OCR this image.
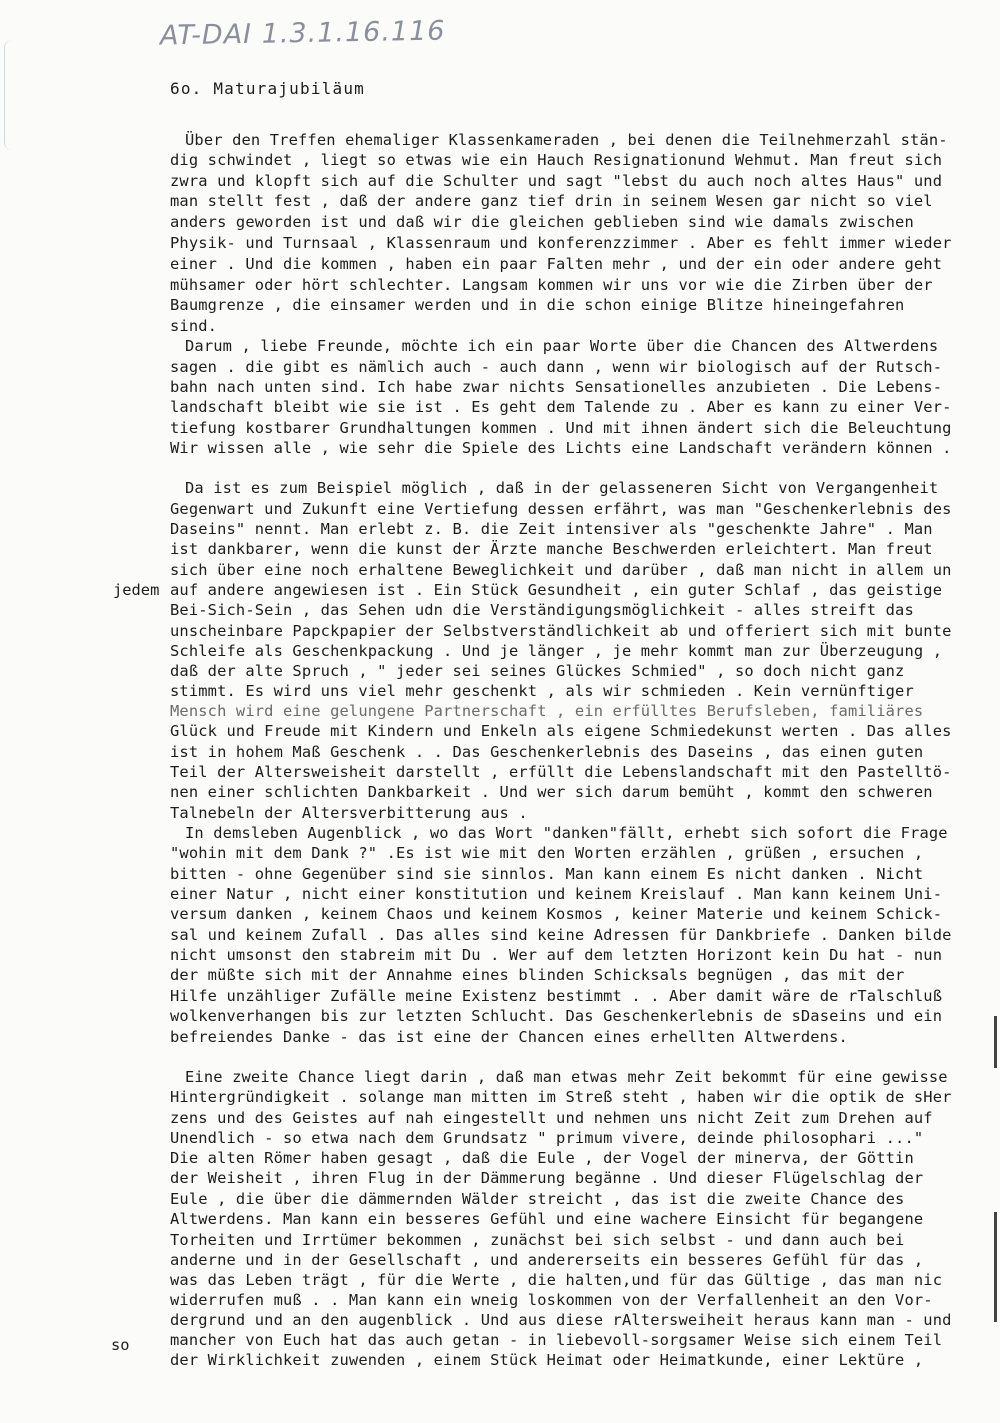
AT-DAI 1.3.1.16.116
6o. Maturajubiläum
jedem
so
Über den Treffen ehemaliger Klassenkameraden , bei denen die Teilnehmerzahl stän-
dig schwindet , liegt so etwas wie ein Hauch Resignationund Wehmut. Man freut sich
zwra und klopft sich auf die Schulter und sagt "lebst du auch noch altes Haus" und
man stellt fest , daß der andere ganz tief drin in seinem Wesen gar nicht so viel
anders geworden ist und daß wir die gleichen geblieben sind wie damals zwischen
Physik- und Turnsaal , Klassenraum und konferenzzimmer . Aber es fehlt immer wieder
einer . Und die kommen , haben ein paar Falten mehr , und der ein oder andere geht
mühsamer oder hört schlechter. Langsam kommen wir uns vor wie die Zirben über der
Baumgrenze , die einsamer werden und in die schon einige Blitze hineingefahren
sind.
Darum , liebe Freunde, möchte ich ein paar Worte über die Chancen des Altwerdens
sagen . die gibt es nämlich auch - auch dann , wenn wir biologisch auf der Rutsch-
bahn nach unten sind. Ich habe zwar nichts Sensationelles anzubieten . Die Lebens-
landschaft bleibt wie sie ist . Es geht dem Talende zu . Aber es kann zu einer Ver-
tiefung kostbarer Grundhaltungen kommen . Und mit ihnen ändert sich die Beleuchtung
Wir wissen alle , wie sehr die Spiele des Lichts eine Landschaft verändern können .
Da ist es zum Beispiel möglich , daß in der gelasseneren Sicht von Vergangenheit
Gegenwart und Zukunft eine Vertiefung dessen erfährt, was man "Geschenkerlebnis des
Daseins" nennt. Man erlebt z. B. die Zeit intensiver als "geschenkte Jahre" . Man
ist dankbarer, wenn die kunst der Ärzte manche Beschwerden erleichtert. Man freut
sich über eine noch erhaltene Beweglichkeit und darüber , daß man nicht in allem un
auf andere angewiesen ist . Ein Stück Gesundheit , ein guter Schlaf , das geistige
Bei-Sich-Sein , das Sehen udn die Verständigungsmöglichkeit - alles streift das
unscheinbare Papckpapier der Selbstverständlichkeit ab und offeriert sich mit bunte
Schleife als Geschenkpackung . Und je länger , je mehr kommt man zur Überzeugung ,
daß der alte Spruch , " jeder sei seines Glückes Schmied" , so doch nicht ganz
stimmt. Es wird uns viel mehr geschenkt , als wir schmieden . Kein vernünftiger
Mensch wird eine gelungene Partnerschaft , ein erfülltes Berufsleben, familiäres
Glück und Freude mit Kindern und Enkeln als eigene Schmiedekunst werten . Das alles
ist in hohem Maß Geschenk . . Das Geschenkerlebnis des Daseins , das einen guten
Teil der Altersweisheit darstellt , erfüllt die Lebenslandschaft mit den Pastelltö-
nen einer schlichten Dankbarkeit . Und wer sich darum bemüht , kommt den schweren
Talnebeln der Altersverbitterung aus .
In demsleben Augenblick , wo das Wort "danken"fällt, erhebt sich sofort die Frage
"wohin mit dem Dank ?" .Es ist wie mit den Worten erzählen , grüßen , ersuchen ,
bitten - ohne Gegenüber sind sie sinnlos. Man kann einem Es nicht danken . Nicht
einer Natur , nicht einer konstitution und keinem Kreislauf . Man kann keinem Uni-
versum danken , keinem Chaos und keinem Kosmos , keiner Materie und keinem Schick-
sal und keinem Zufall . Das alles sind keine Adressen für Dankbriefe . Danken bilde
nicht umsonst den stabreim mit Du . Wer auf dem letzten Horizont kein Du hat - nun
der müßte sich mit der Annahme eines blinden Schicksals begnügen , das mit der
Hilfe unzähliger Zufälle meine Existenz bestimmt . . Aber damit wäre de rTalschluß
wolkenverhangen bis zur letzten Schlucht. Das Geschenkerlebnis de sDaseins und ein
befreiendes Danke - das ist eine der Chancen eines erhellten Altwerdens.
Eine zweite Chance liegt darin , daß man etwas mehr Zeit bekommt für eine gewisse
Hintergründigkeit . solange man mitten im Streß steht , haben wir die optik de sHer
zens und des Geistes auf nah eingestellt und nehmen uns nicht Zeit zum Drehen auf
Unendlich - so etwa nach dem Grundsatz " primum vivere, deinde philosophari ..."
Die alten Römer haben gesagt , daß die Eule , der Vogel der minerva, der Göttin
der Weisheit , ihren Flug in der Dämmerung begänne . Und dieser Flügelschlag der
Eule , die über die dämmernden Wälder streicht , das ist die zweite Chance des
Altwerdens. Man kann ein besseres Gefühl und eine wachere Einsicht für begangene
Torheiten und Irrtümer bekommen , zunächst bei sich selbst - und dann auch bei
anderne und in der Gesellschaft , und andererseits ein besseres Gefühl für das ,
was das Leben trägt , für die Werte , die halten,und für das Gültige , das man nic
widerrufen muß . . Man kann ein wneig loskommen von der Verfallenheit an den Vor-
dergrund und an den augenblick . Und aus diese rAltersweiheit heraus kann man - und
mancher von Euch hat das auch getan - in liebevoll-sorgsamer Weise sich einem Teil
der Wirklichkeit zuwenden , einem Stück Heimat oder Heimatkunde, einer Lektüre ,
